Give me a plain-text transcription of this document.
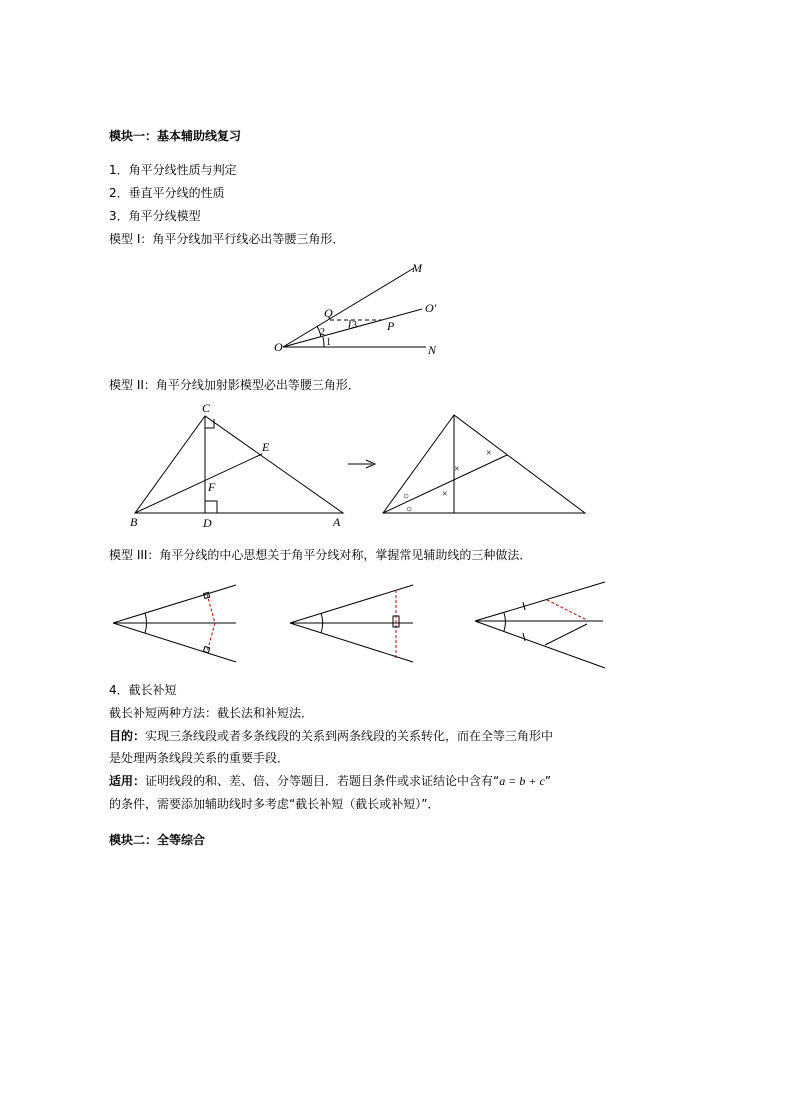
模块一：基本辅助线复习
1．角平分线性质与判定
2．垂直平分线的性质
3．角平分线模型
模型 I：角平分线加平行线必出等腰三角形．
M
Q	O'
P
O	N
1
2
3
模型 II：角平分线加射影模型必出等腰三角形．
C
E
F
B	D	A
○
○
×
×
×
模型 III：角平分线的中心思想关于角平分线对称，掌握常见辅助线的三种做法．
4．截长补短
截长补短两种方法：截长法和补短法．
目的：实现三条线段或者多条线段的关系到两条线段的关系转化，而在全等三角形中
是处理两条线段关系的重要手段．
适用：证明线段的和、差、倍、分等题目．若题目条件或求证结论中含有“a = b + c”
的条件，需要添加辅助线时多考虑“截长补短（截长或补短）”．
模块二：全等综合
